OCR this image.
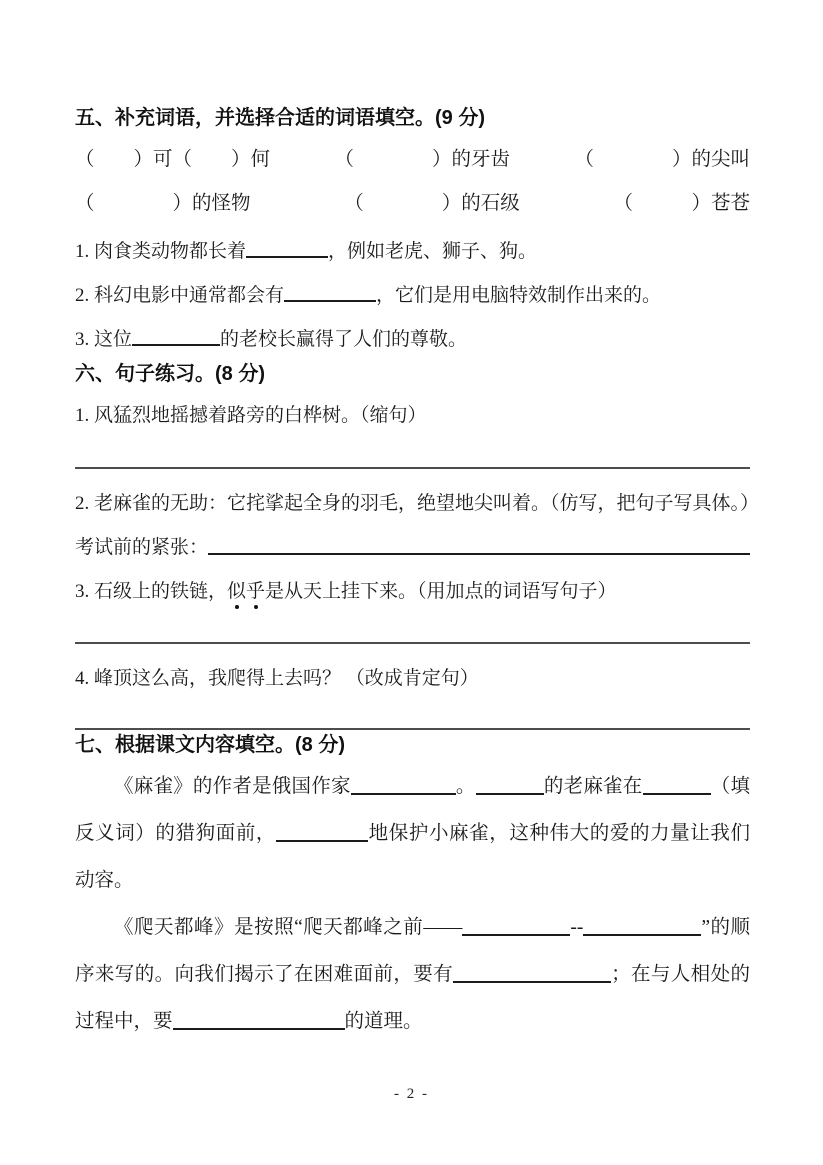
五、补充词语，并选择合适的词语填空。(9 分)
（　　）可（　　）何	（　　　　）的牙齿	（　　　　）的尖叫
（　　　　）的怪物	（　　　　）的石级	（　　　）苍苍
1. 肉食类动物都长着	，例如老虎、狮子、狗。
2. 科幻电影中通常都会有	，它们是用电脑特效制作出来的。
3. 这位	的老校长赢得了人们的尊敬。
六、句子练习。(8 分)
1. 风猛烈地摇撼着路旁的白桦树。（缩句）
2. 老麻雀的无助：它挓挲起全身的羽毛，绝望地尖叫着。（仿写，把句子写具体。）
考试前的紧张：
3. 石级上的铁链， 似乎 是从天上挂下来。（用加点的词语写句子）
4. 峰顶这么高，我爬得上去吗？ （改成肯定句）
七、根据课文内容填空。(8 分)

《麻雀》的作者是俄国作家	。	的老麻雀在	（填反义词）的猎狗面前，	地保护小麻雀，这种伟大的爱的力量让我们动容。

《爬天都峰》是按照“爬天都峰之前——	--	”的顺序来写的。向我们揭示了在困难面前，要有	；在与人相处的过程中，要	的道理。

- 2 -
